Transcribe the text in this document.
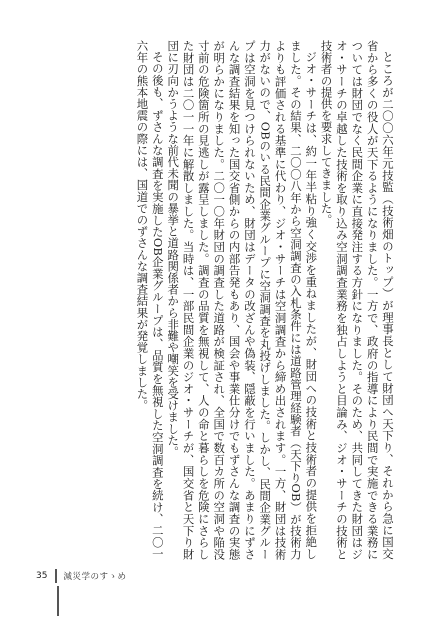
ところが二〇〇六年元技監（技術畑のトップ）が理事長として財団へ天下り、それから急に国交省から多くの役人が天下るようになりました。一方で、政府の指導により民間で実施できる業務については財団でなく民間企業に直接発注する方針になりました。そのため、共同してきた財団はジオ・サーチの卓越した技術を取り込み空洞調査業務を独占しようと目論み、ジオ・サーチの技術と技術者の提供を要求してきました。

ジオ・サーチは、約一年半粘り強く交渉を重ねましたが、財団への技術と技術者の提供を拒絶しました。その結果、二〇〇八年から空洞調査の入札条件には道路管理経験者（天下りOB）が技術力よりも評価される基準に代わり、ジオ・サーチは空洞調査から締め出されます。一方、財団は技術力がないので、OBのいる民間企業グループに空洞調査を丸投げしました。しかし、民間企業グループは空洞を見つけられないため、財団はデータの改ざんや偽装、隠蔽を行いました。あまりにずさんな調査結果を知った国交省側からの内部告発もあり、国会や事業仕分けでもずさんな調査の実態が明らかになりました。二〇一〇年財団の調査した道路が検証され、全国で数百カ所の空洞や陥没寸前の危険箇所の見逃しが露呈しました。調査の品質を無視して、人の命と暮らしを危険にさらした財団は二〇一一年に解散しました。当時は、一部民間企業のジオ・サーチが、国交省と天下り財団に刃向かうような前代未聞の暴挙と道路関係者から非難や嘲笑を受けました。

その後も、ずさんな調査を実施したOB企業グループは、品質を無視した空洞調査を続け、二〇一六年の熊本地震の際には、国道でのずさんな調査結果が発覚しました。

35 減災学のすゝめ
